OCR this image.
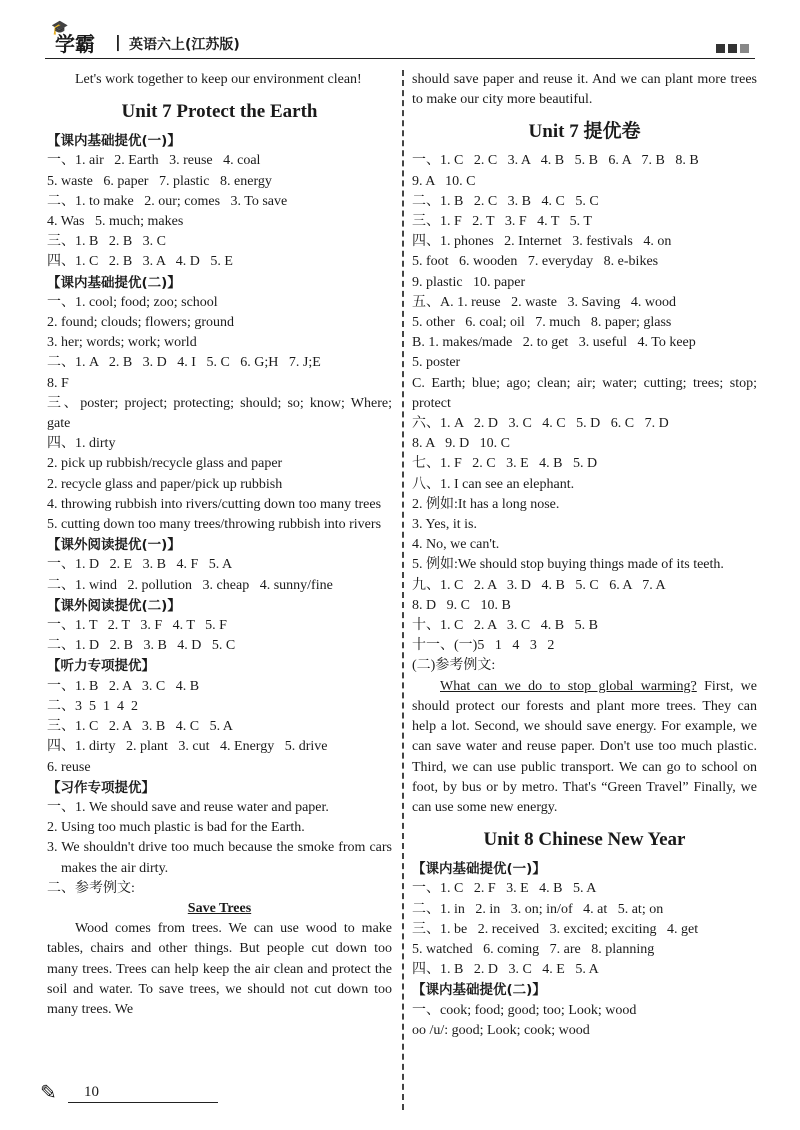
🎓
学霸 | 英语六上(江苏版)
Let's work together to keep our environment clean!
Unit 7 Protect the Earth
【课内基础提优(一)】
一、1. air   2. Earth   3. reuse   4. coal
5. waste   6. paper   7. plastic   8. energy
二、1. to make   2. our; comes   3. To save
4. Was   5. much; makes
三、1. B   2. B   3. C
四、1. C   2. B   3. A   4. D   5. E
【课内基础提优(二)】
一、1. cool; food; zoo; school
2. found; clouds; flowers; ground
3. her; words; work; world
二、1. A   2. B   3. D   4. I   5. C   6. G;H   7. J;E
8. F
三、poster; project; protecting; should; so; know; Where; gate
四、1. dirty
2. pick up rubbish/recycle glass and paper
2. recycle glass and paper/pick up rubbish
4. throwing rubbish into rivers/cutting down too many trees
5. cutting down too many trees/throwing rubbish into rivers
【课外阅读提优(一)】
一、1. D   2. E   3. B   4. F   5. A
二、1. wind   2. pollution   3. cheap   4. sunny/fine
【课外阅读提优(二)】
一、1. T   2. T   3. F   4. T   5. F
二、1. D   2. B   3. B   4. D   5. C
【听力专项提优】
一、1. B   2. A   3. C   4. B
二、3  5  1  4  2
三、1. C   2. A   3. B   4. C   5. A
四、1. dirty   2. plant   3. cut   4. Energy   5. drive
6. reuse
【习作专项提优】
一、1. We should save and reuse water and paper.
2. Using too much plastic is bad for the Earth.
3. We shouldn't drive too much because the smoke from cars makes the air dirty.
二、参考例文:
Save Trees
Wood comes from trees. We can use wood to make tables, chairs and other things. But people cut down too many trees. Trees can help keep the air clean and protect the soil and water. To save trees, we should not cut down too many trees. We
should save paper and reuse it. And we can plant more trees to make our city more beautiful.
Unit 7 提优卷
一、1. C   2. C   3. A   4. B   5. B   6. A   7. B   8. B
9. A   10. C
二、1. B   2. C   3. B   4. C   5. C
三、1. F   2. T   3. F   4. T   5. T
四、1. phones   2. Internet   3. festivals   4. on
5. foot   6. wooden   7. everyday   8. e-bikes
9. plastic   10. paper
五、A. 1. reuse   2. waste   3. Saving   4. wood
5. other   6. coal; oil   7. much   8. paper; glass
B. 1. makes/made   2. to get   3. useful   4. To keep
5. poster
C. Earth; blue; ago; clean; air; water; cutting; trees; stop; protect
六、1. A   2. D   3. C   4. C   5. D   6. C   7. D
8. A   9. D   10. C
七、1. F   2. C   3. E   4. B   5. D
八、1. I can see an elephant.
2. 例如:It has a long nose.
3. Yes, it is.
4. No, we can't.
5. 例如:We should stop buying things made of its teeth.
九、1. C   2. A   3. D   4. B   5. C   6. A   7. A
8. D   9. C   10. B
十、1. C   2. A   3. C   4. B   5. B
十一、(一)5   1   4   3   2
(二)参考例文:
What can we do to stop global warming? First, we should protect our forests and plant more trees. They can help a lot. Second, we should save energy. For example, we can save water and reuse paper. Don't use too much plastic. Third, we can use public transport. We can go to school on foot, by bus or by metro. That's “Green Travel” Finally, we can use some new energy.
Unit 8 Chinese New Year
【课内基础提优(一)】
一、1. C   2. F   3. E   4. B   5. A
二、1. in   2. in   3. on; in/of   4. at   5. at; on
三、1. be   2. received   3. excited; exciting   4. get
5. watched   6. coming   7. are   8. planning
四、1. B   2. D   3. C   4. E   5. A
【课内基础提优(二)】
一、cook; food; good; too; Look; wood
oo /u/: good; Look; cook; wood
✎ 10
